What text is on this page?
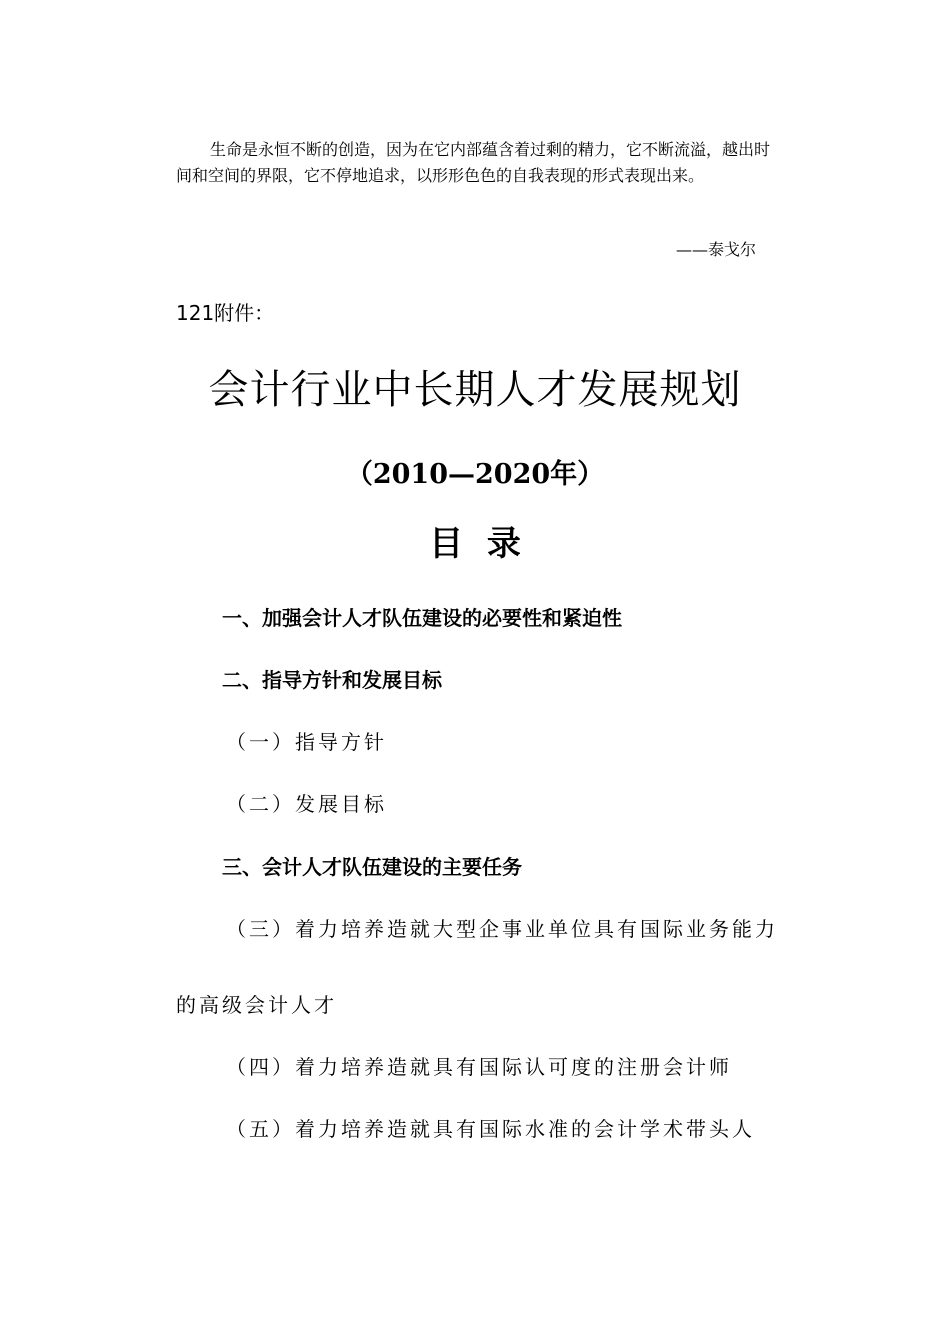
生命是永恒不断的创造，因为在它内部蕴含着过剩的精力，它不断流溢，越出时间和空间的界限，它不停地追求，以形形色色的自我表现的形式表现出来。

——泰戈尔
121附件：
会计行业中长期人才发展规划
（2010—2020年）
目  录
一、加强会计人才队伍建设的必要性和紧迫性
二、指导方针和发展目标
（一）指导方针
（二）发展目标
三、会计人才队伍建设的主要任务
（三）着力培养造就大型企事业单位具有国际业务能力
的高级会计人才
（四）着力培养造就具有国际认可度的注册会计师
（五）着力培养造就具有国际水准的会计学术带头人
